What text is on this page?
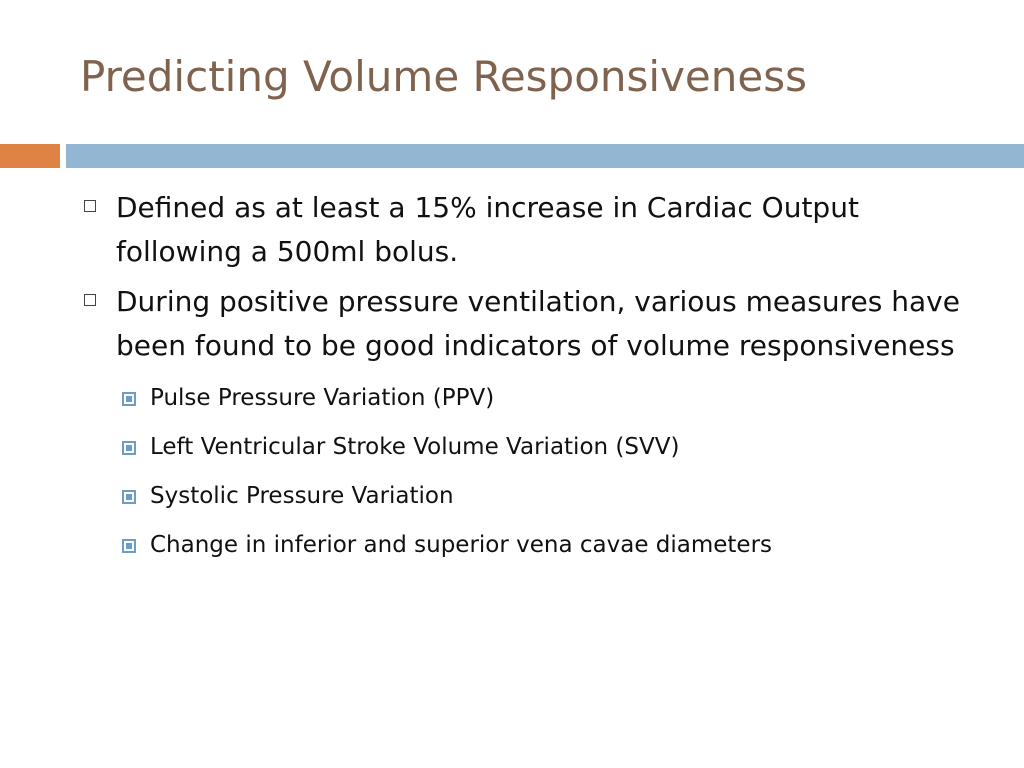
Predicting Volume Responsiveness
Defined as at least a 15% increase in Cardiac Output following a 500ml bolus.
During positive pressure ventilation, various measures have been found to be good indicators of volume responsiveness
Pulse Pressure Variation (PPV)
Left Ventricular Stroke Volume Variation (SVV)
Systolic Pressure Variation
Change in inferior and superior vena cavae diameters
